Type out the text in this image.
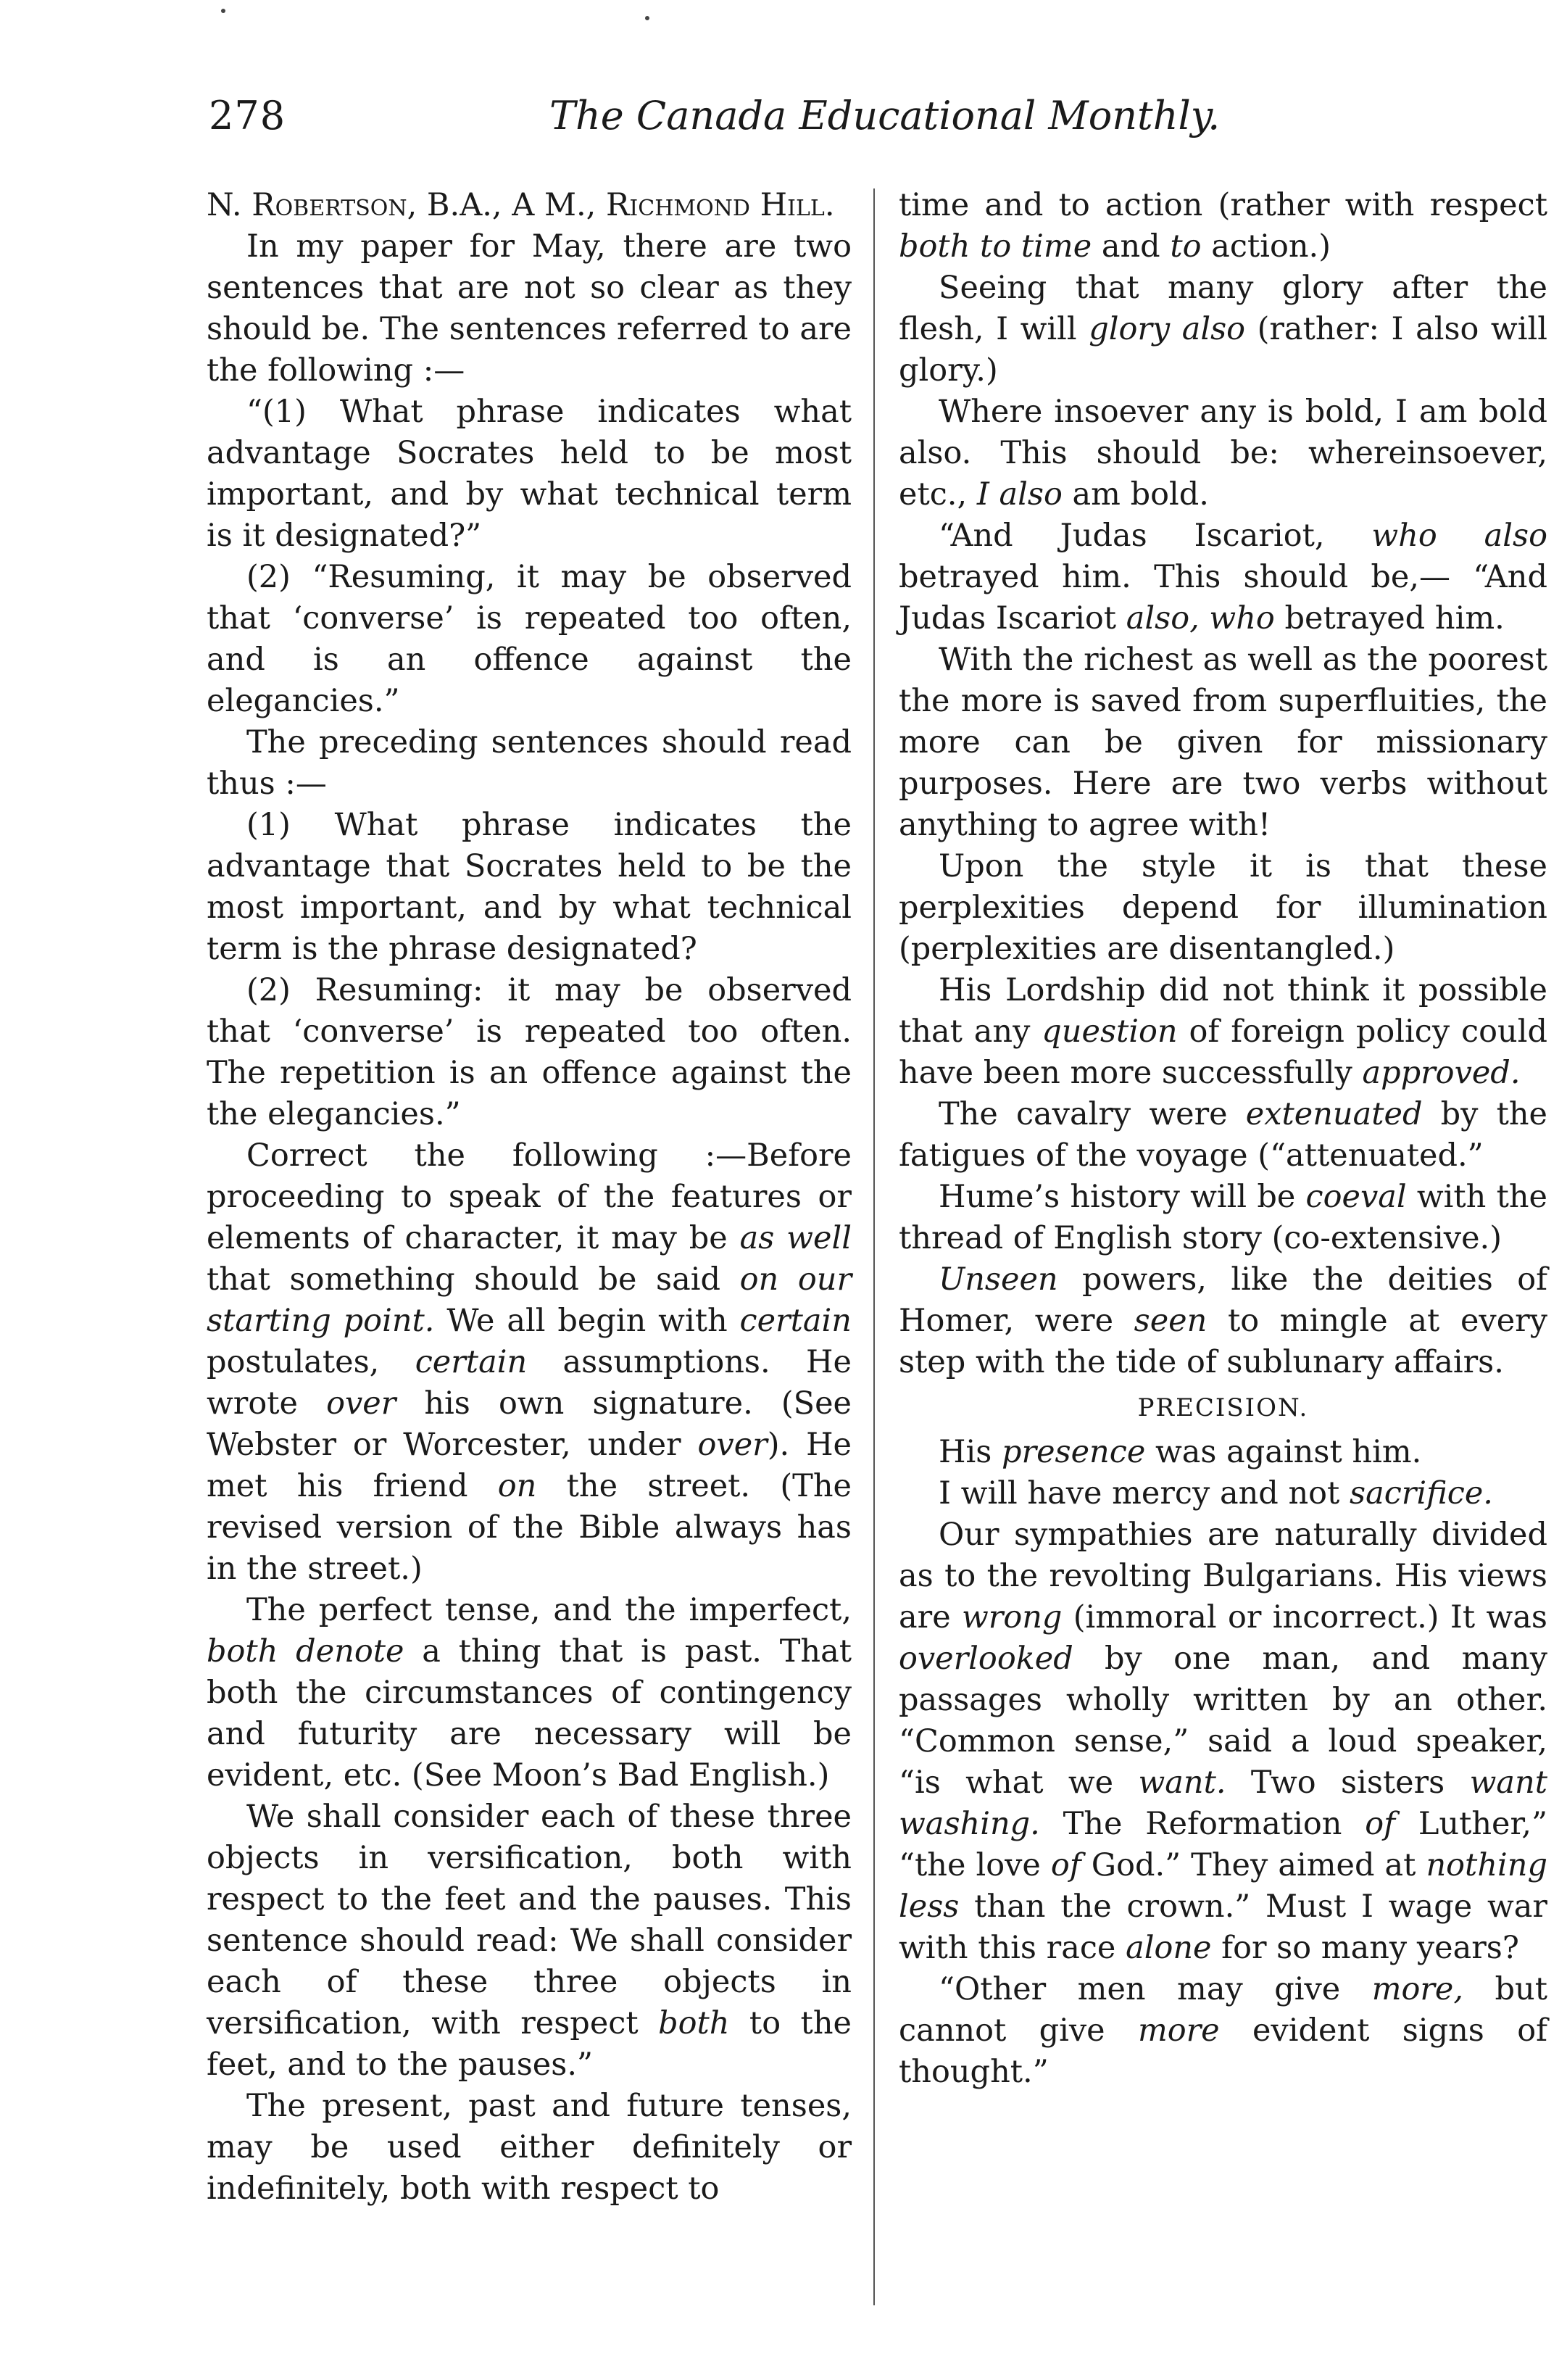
278	The Canada Educational Monthly.

N. Robertson, B.A., A M., Richmond Hill.

In my paper for May, there are two sentences that are not so clear as they should be. The sentences referred to are the following :—

“(1) What phrase indicates what advantage Socrates held to be most important, and by what technical term is it designated?”

(2) “Resuming, it may be observed that ‘converse’ is repeated too often, and is an offence against the elegancies.”

The preceding sentences should read thus :—

(1) What phrase indicates the advantage that Socrates held to be the most important, and by what technical term is the phrase designated?

(2) Resuming: it may be observed that ‘converse’ is repeated too often. The repetition is an offence against the the elegancies.”

Correct the following :—Before proceeding to speak of the features or elements of character, it may be as well that something should be said on our starting point. We all begin with certain postulates, certain assumptions. He wrote over his own signature. (See Webster or Worcester, under over). He met his friend on the street. (The revised version of the Bible always has in the street.)

The perfect tense, and the imperfect, both denote a thing that is past. That both the circumstances of contingency and futurity are necessary will be evident, etc. (See Moon’s Bad English.)

We shall consider each of these three objects in versification, both with respect to the feet and the pauses. This sentence should read: We shall consider each of these three objects in versification, with respect both to the feet, and to the pauses.”

The present, past and future tenses, may be used either definitely or indefinitely, both with respect to

time and to action (rather with respect both to time and to action.)

Seeing that many glory after the flesh, I will glory also (rather: I also will glory.)

Where insoever any is bold, I am bold also. This should be: whereinsoever, etc., I also am bold.

“And Judas Iscariot, who also betrayed him. This should be,— “And Judas Iscariot also, who betrayed him.

With the richest as well as the poorest the more is saved from superfluities, the more can be given for missionary purposes. Here are two verbs without anything to agree with!

Upon the style it is that these perplexities depend for illumination (perplexities are disentangled.)

His Lordship did not think it possible that any question of foreign policy could have been more successfully approved.

The cavalry were extenuated by the fatigues of the voyage (“attenuated.”

Hume’s history will be coeval with the thread of English story (co-extensive.)

Unseen powers, like the deities of Homer, were seen to mingle at every step with the tide of sublunary affairs.

PRECISION.

His presence was against him.

I will have mercy and not sacrifice.

Our sympathies are naturally divided as to the revolting Bulgarians. His views are wrong (immoral or incorrect.) It was overlooked by one man, and many passages wholly written by an other. “Common sense,” said a loud speaker, “is what we want. Two sisters want washing. The Reformation of Luther,” “the love of God.” They aimed at nothing less than the crown.” Must I wage war with this race alone for so many years?

“Other men may give more, but cannot give more evident signs of thought.”
